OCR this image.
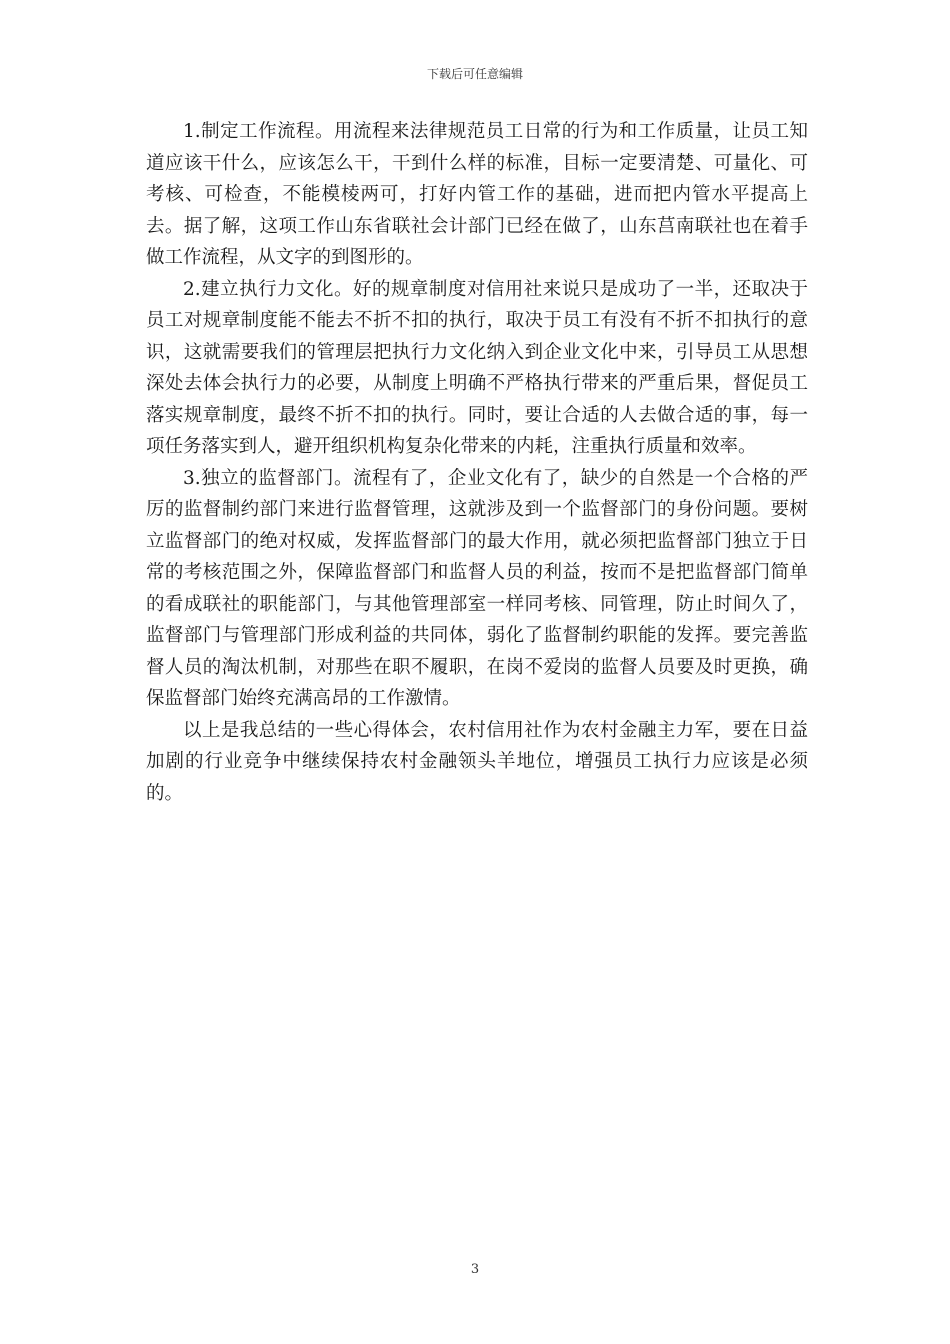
下载后可任意编辑

1.制定工作流程。用流程来法律规范员工日常的行为和工作质量，让员工知道应该干什么，应该怎么干，干到什么样的标准，目标一定要清楚、可量化、可考核、可检查，不能模棱两可，打好内管工作的基础，进而把内管水平提高上去。据了解，这项工作山东省联社会计部门已经在做了，山东莒南联社也在着手做工作流程，从文字的到图形的。

2.建立执行力文化。好的规章制度对信用社来说只是成功了一半，还取决于员工对规章制度能不能去不折不扣的执行，取决于员工有没有不折不扣执行的意识，这就需要我们的管理层把执行力文化纳入到企业文化中来，引导员工从思想深处去体会执行力的必要，从制度上明确不严格执行带来的严重后果，督促员工落实规章制度，最终不折不扣的执行。同时，要让合适的人去做合适的事，每一项任务落实到人，避开组织机构复杂化带来的内耗，注重执行质量和效率。

3.独立的监督部门。流程有了，企业文化有了，缺少的自然是一个合格的严厉的监督制约部门来进行监督管理，这就涉及到一个监督部门的身份问题。要树立监督部门的绝对权威，发挥监督部门的最大作用，就必须把监督部门独立于日常的考核范围之外，保障监督部门和监督人员的利益，按而不是把监督部门简单的看成联社的职能部门，与其他管理部室一样同考核、同管理，防止时间久了，监督部门与管理部门形成利益的共同体，弱化了监督制约职能的发挥。要完善监督人员的淘汰机制，对那些在职不履职，在岗不爱岗的监督人员要及时更换，确保监督部门始终充满高昂的工作激情。

以上是我总结的一些心得体会，农村信用社作为农村金融主力军，要在日益加剧的行业竞争中继续保持农村金融领头羊地位，增强员工执行力应该是必须的。

3
